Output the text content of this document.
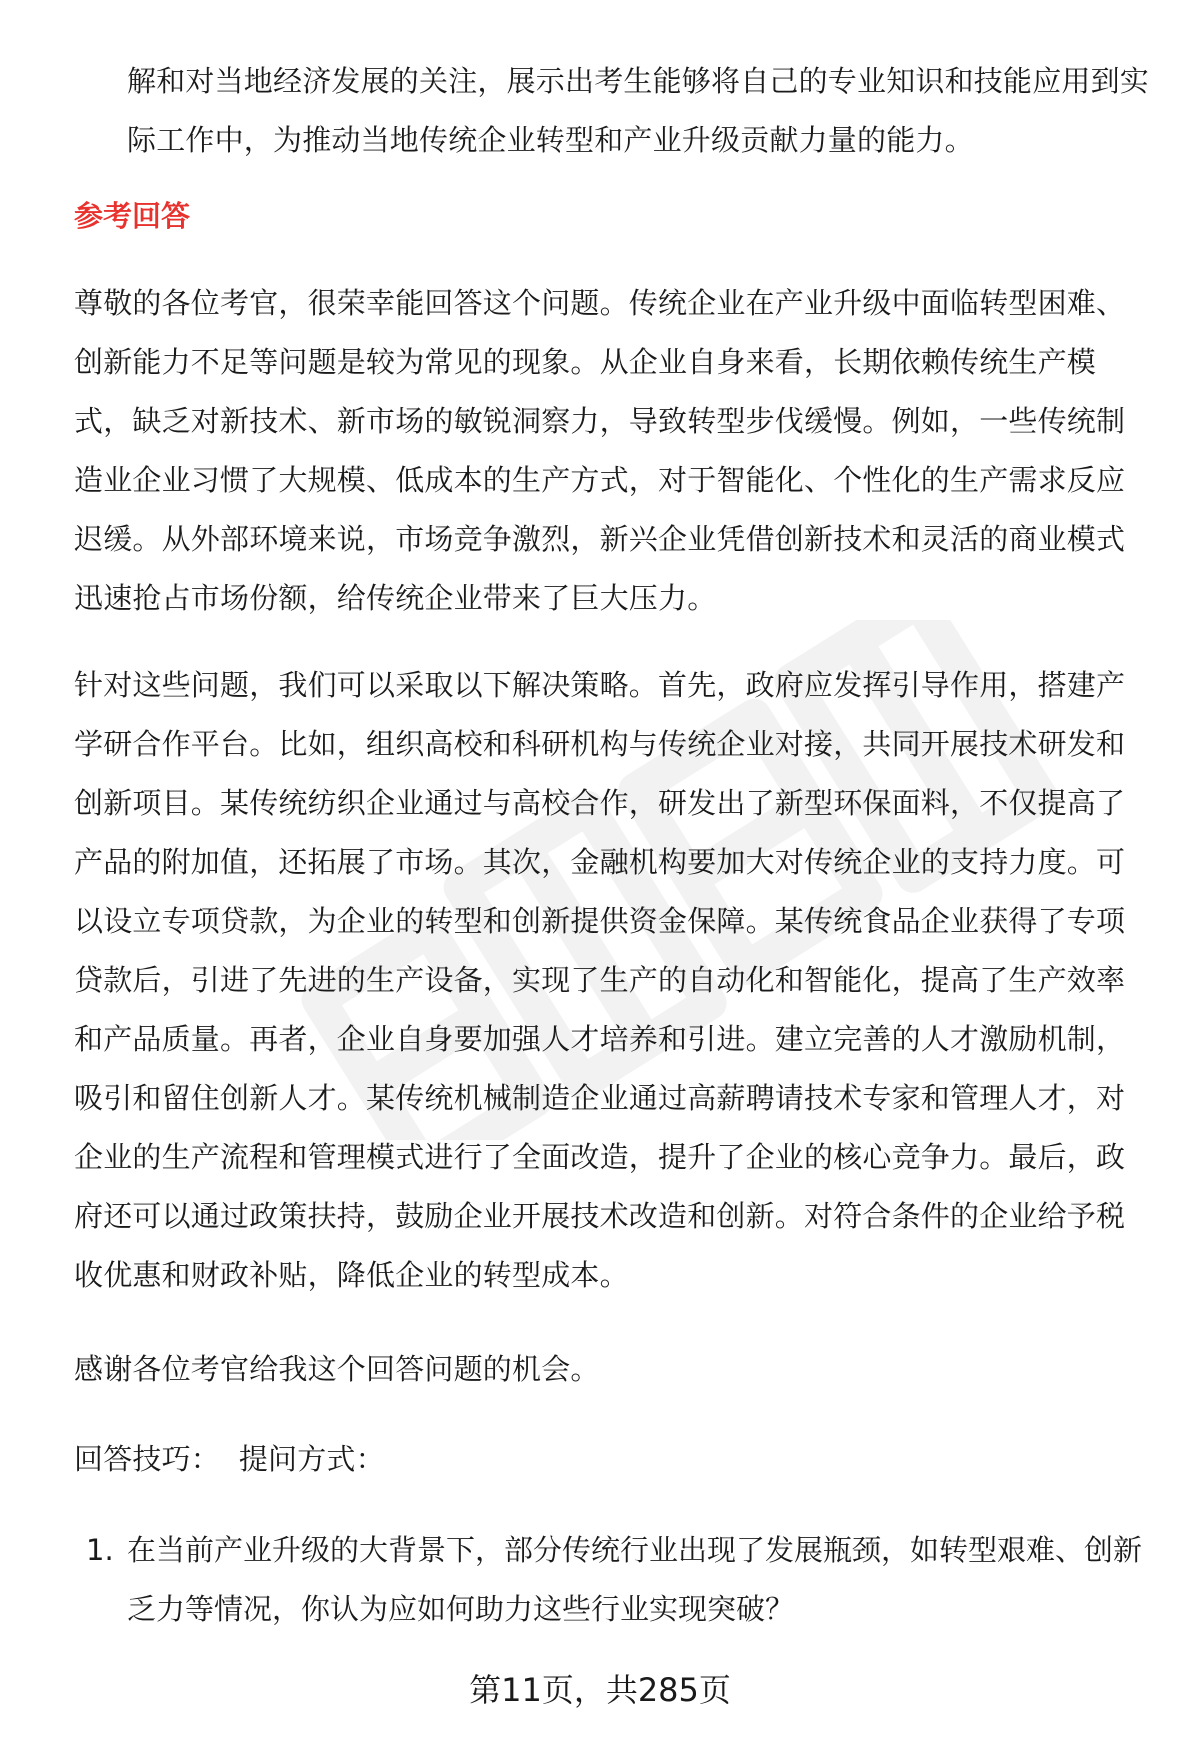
解和对当地经济发展的关注，展示出考生能够将自己的专业知识和技能应用到实际工作中，为推动当地传统企业转型和产业升级贡献力量的能力。
参考回答
尊敬的各位考官，很荣幸能回答这个问题。传统企业在产业升级中面临转型困难、创新能力不足等问题是较为常见的现象。从企业自身来看，长期依赖传统生产模式，缺乏对新技术、新市场的敏锐洞察力，导致转型步伐缓慢。例如，一些传统制造业企业习惯了大规模、低成本的生产方式，对于智能化、个性化的生产需求反应迟缓。从外部环境来说，市场竞争激烈，新兴企业凭借创新技术和灵活的商业模式迅速抢占市场份额，给传统企业带来了巨大压力。
针对这些问题，我们可以采取以下解决策略。首先，政府应发挥引导作用，搭建产学研合作平台。比如，组织高校和科研机构与传统企业对接，共同开展技术研发和创新项目。某传统纺织企业通过与高校合作，研发出了新型环保面料，不仅提高了产品的附加值，还拓展了市场。其次，金融机构要加大对传统企业的支持力度。可以设立专项贷款，为企业的转型和创新提供资金保障。某传统食品企业获得了专项贷款后，引进了先进的生产设备，实现了生产的自动化和智能化，提高了生产效率和产品质量。再者，企业自身要加强人才培养和引进。建立完善的人才激励机制，吸引和留住创新人才。某传统机械制造企业通过高薪聘请技术专家和管理人才，对企业的生产流程和管理模式进行了全面改造，提升了企业的核心竞争力。最后，政府还可以通过政策扶持，鼓励企业开展技术改造和创新。对符合条件的企业给予税收优惠和财政补贴，降低企业的转型成本。
感谢各位考官给我这个回答问题的机会。
回答技巧：  提问方式：
1. 在当前产业升级的大背景下，部分传统行业出现了发展瓶颈，如转型艰难、创新乏力等情况，你认为应如何助力这些行业实现突破？
第11页，共285页
